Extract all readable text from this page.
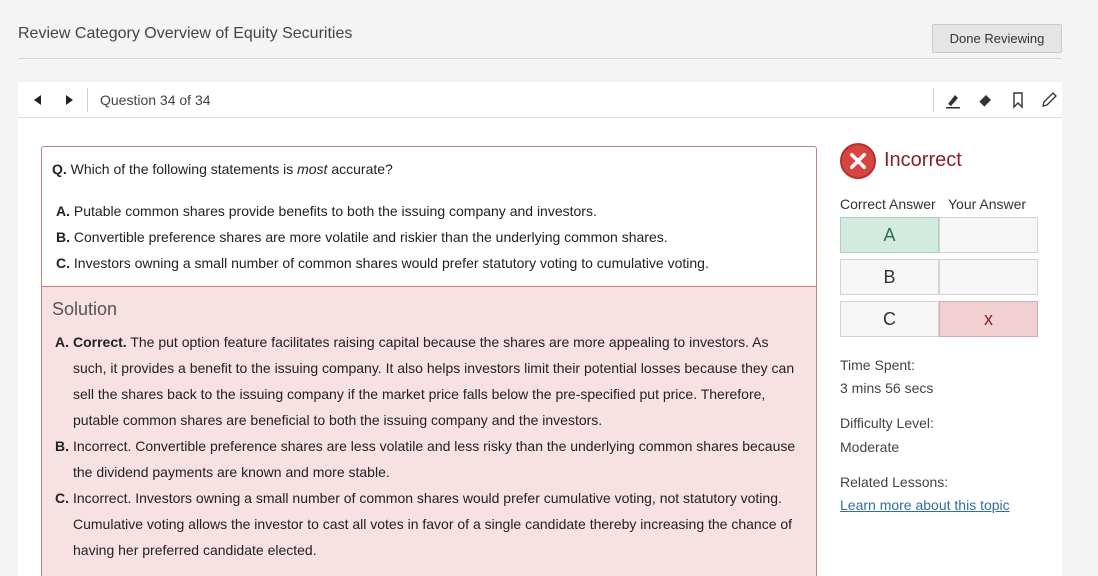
Review Category Overview of Equity Securities	Done Reviewing
Question 34 of 34
Q. Which of the following statements is most accurate?
A. Putable common shares provide benefits to both the issuing company and investors.
B. Convertible preference shares are more volatile and riskier than the underlying common shares.
C. Investors owning a small number of common shares would prefer statutory voting to cumulative voting.
Solution
A. Correct. The put option feature facilitates raising capital because the shares are more appealing to investors. As such, it provides a benefit to the issuing company. It also helps investors limit their potential losses because they can sell the shares back to the issuing company if the market price falls below the pre-specified put price. Therefore, putable common shares are beneficial to both the issuing company and the investors.
B. Incorrect. Convertible preference shares are less volatile and less risky than the underlying common shares because the dividend payments are known and more stable.
C. Incorrect. Investors owning a small number of common shares would prefer cumulative voting, not statutory voting. Cumulative voting allows the investor to cast all votes in favor of a single candidate thereby increasing the chance of having her preferred candidate elected.
Incorrect
Correct Answer Your Answer
A
B
C	x
Time Spent:
3 mins 56 secs
Difficulty Level:
Moderate
Related Lessons:
Learn more about this topic
